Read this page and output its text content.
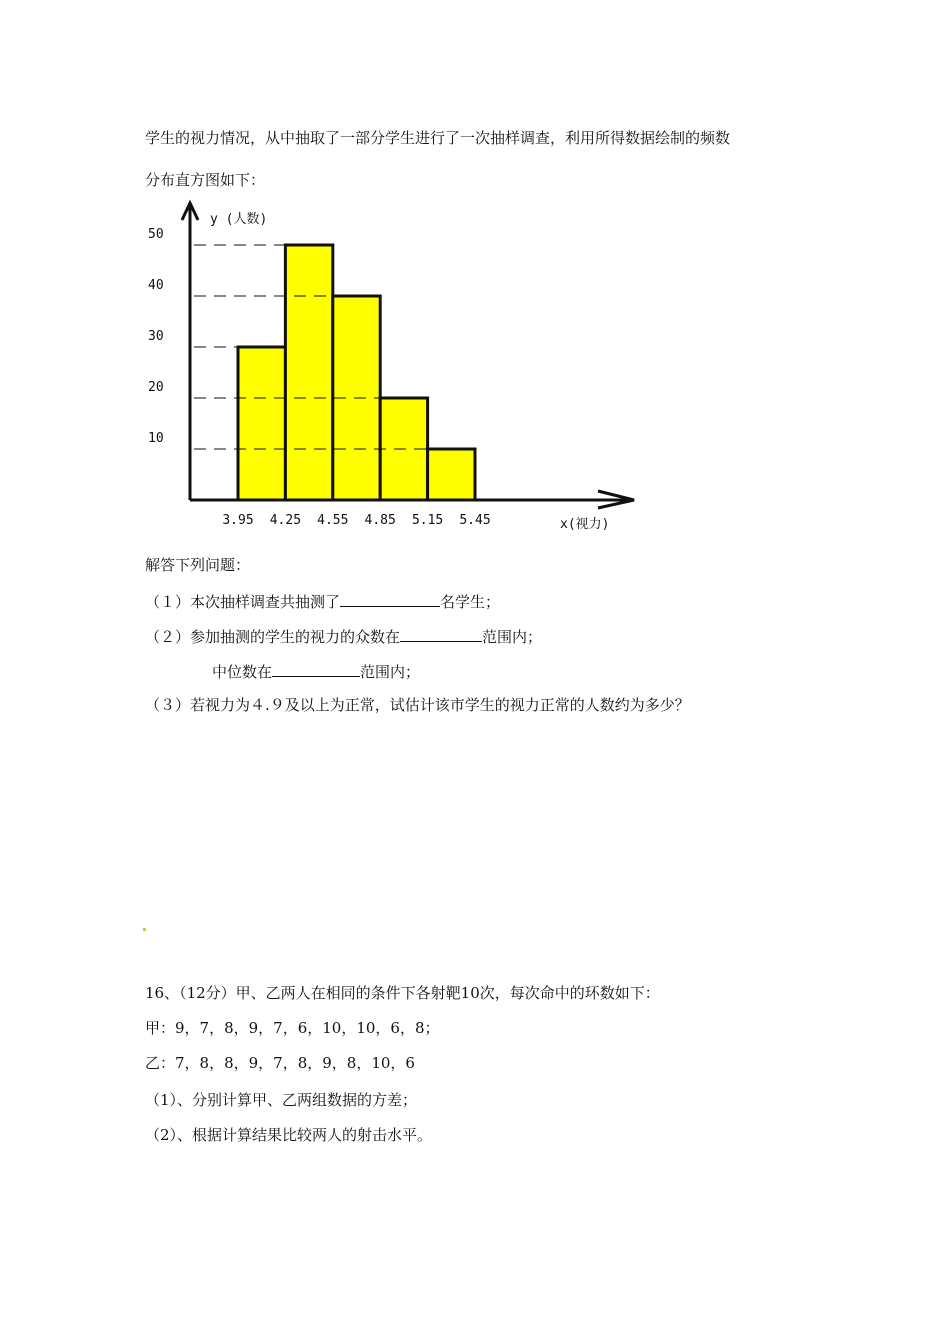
学生的视力情况，从中抽取了一部分学生进行了一次抽样调查，利用所得数据绘制的频数
分布直方图如下：
y (人数)
x(视力)
50
40
30
20
10
3.95 4.25 4.55 4.85 5.15 5.45
解答下列问题：
（１）本次抽样调查共抽测了	名学生；
（２）参加抽测的学生的视力的众数在	范围内；
中位数在	范围内；
（３）若视力为４.９及以上为正常，试估计该市学生的视力正常的人数约为多少？
16、（12分）甲、乙两人在相同的条件下各射靶10次，每次命中的环数如下：
甲：9，7，8，9，7，6，10，10，6，8；
乙：7，8，8，9，7，8，9，8，10，6
（1）、分别计算甲、乙两组数据的方差；
（2）、根据计算结果比较两人的射击水平。
